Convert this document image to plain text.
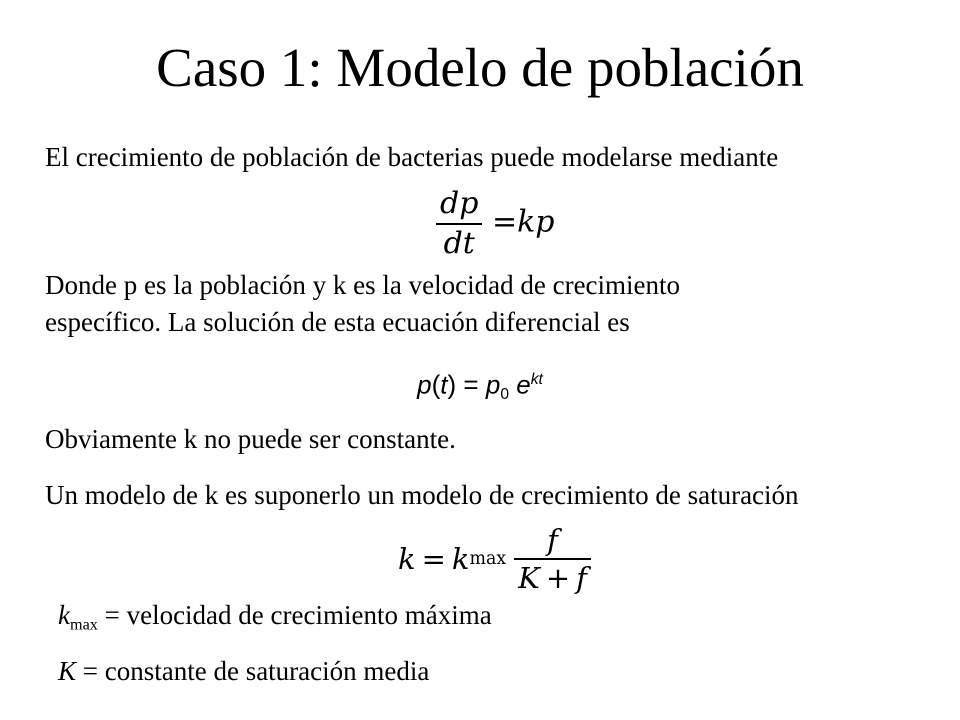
Caso 1: Modelo de población
El crecimiento de población de bacterias puede modelarse mediante
$\frac{dp}{dt} =kp$
Donde p es la población y k es la velocidad de crecimiento
específico. La solución de esta ecuación diferencial es
$p(t) = p_0$ $e^{kt}$
Obviamente k no puede ser constante.
Un modelo de k es suponerlo un modelo de crecimiento de saturación
k = k $\max \frac{f}{K + f}$
$k_{max}$ = velocidad de crecimiento máxima
K = constante de saturación media
